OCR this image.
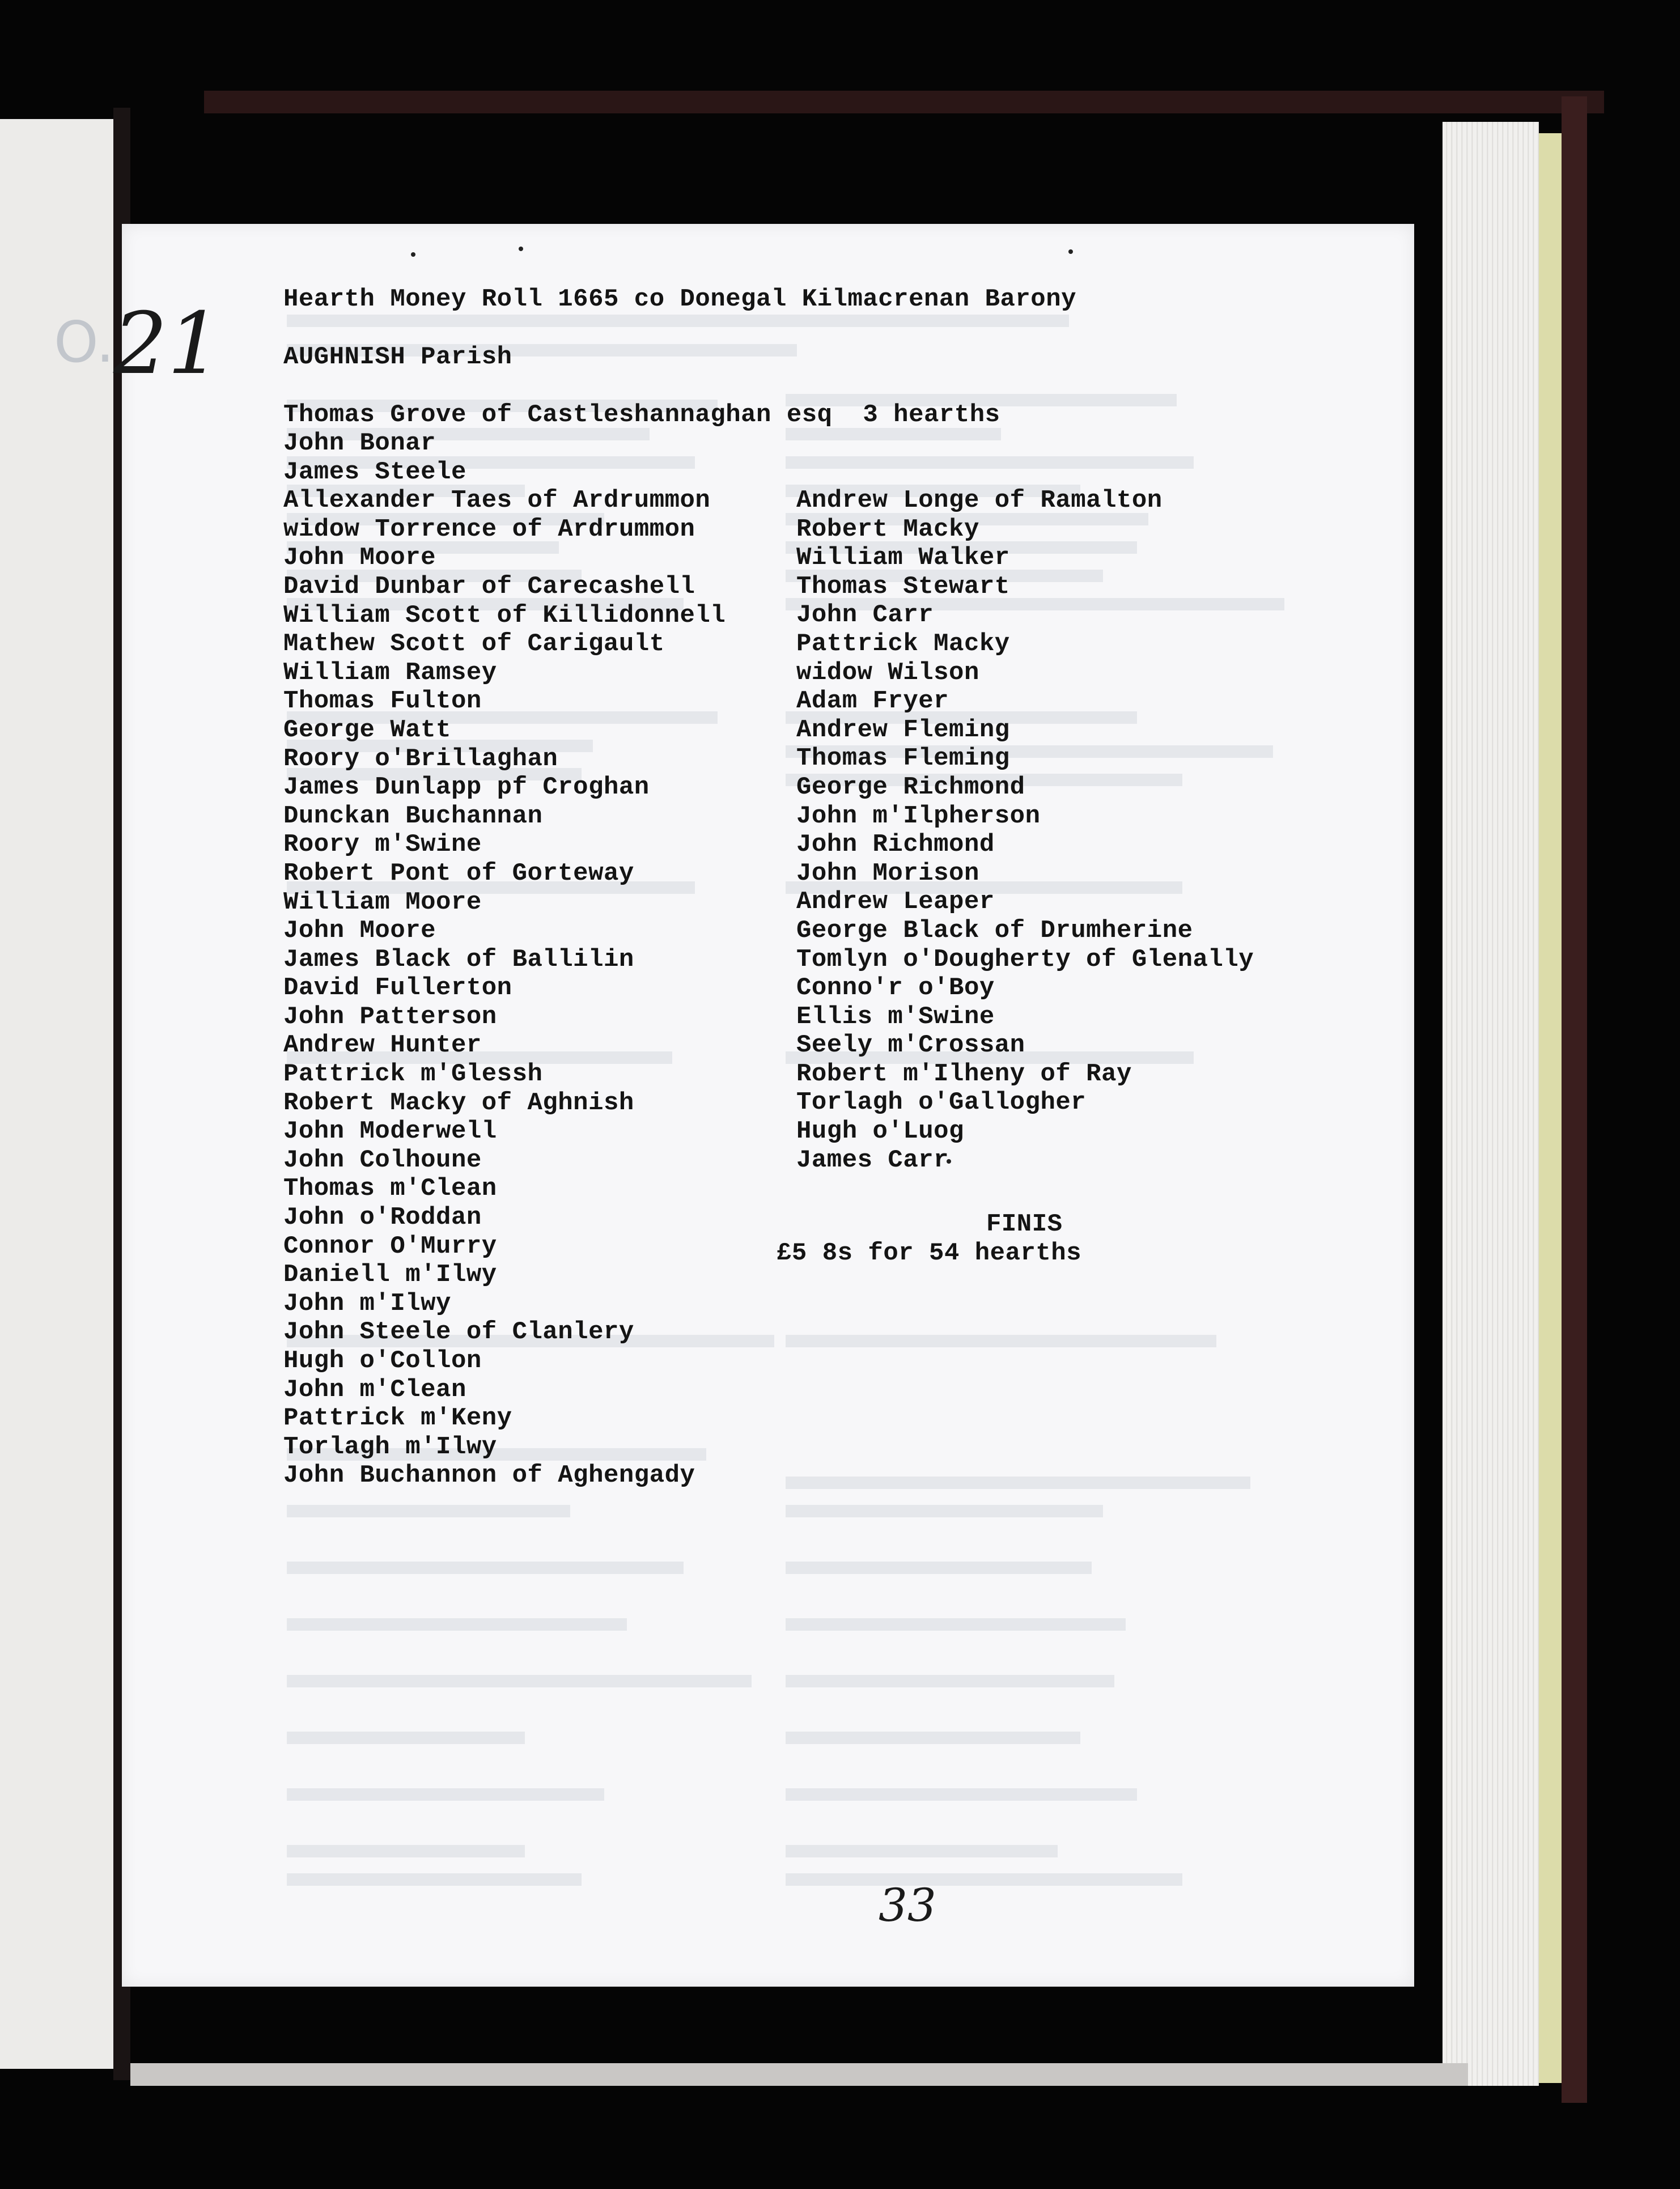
Hearth Money Roll 1665 co Donegal Kilmacrenan Barony
AUGHNISH Parish
Thomas Grove of Castleshannaghan esq  3 hearths
John Bonar
James Steele
Allexander Taes of Ardrummon
widow Torrence of Ardrummon
John Moore
David Dunbar of Carecashell
William Scott of Killidonnell
Mathew Scott of Carigault
William Ramsey
Thomas Fulton
George Watt
Roory o'Brillaghan
James Dunlapp pf Croghan
Dunckan Buchannan
Roory m'Swine
Robert Pont of Gorteway
William Moore
John Moore
James Black of Ballilin
David Fullerton
John Patterson
Andrew Hunter
Pattrick m'Glessh
Robert Macky of Aghnish
John Moderwell
John Colhoune
Thomas m'Clean
John o'Roddan
Connor O'Murry
Daniell m'Ilwy
John m'Ilwy
John Steele of Clanlery
Hugh o'Collon
John m'Clean
Pattrick m'Keny
Torlagh m'Ilwy
John Buchannon of Aghengady
Andrew Longe of Ramalton
Robert Macky
William Walker
Thomas Stewart
John Carr
Pattrick Macky
widow Wilson
Adam Fryer
Andrew Fleming
Thomas Fleming
George Richmond
John m'Ilpherson
John Richmond
John Morison
Andrew Leaper
George Black of Drumherine
Tomlyn o'Dougherty of Glenally
Conno'r o'Boy
Ellis m'Swine
Seely m'Crossan
Robert m'Ilheny of Ray
Torlagh o'Gallogher
Hugh o'Luog
James Carr
FINIS
£5 8s for 54 hearths
33
O.
21
